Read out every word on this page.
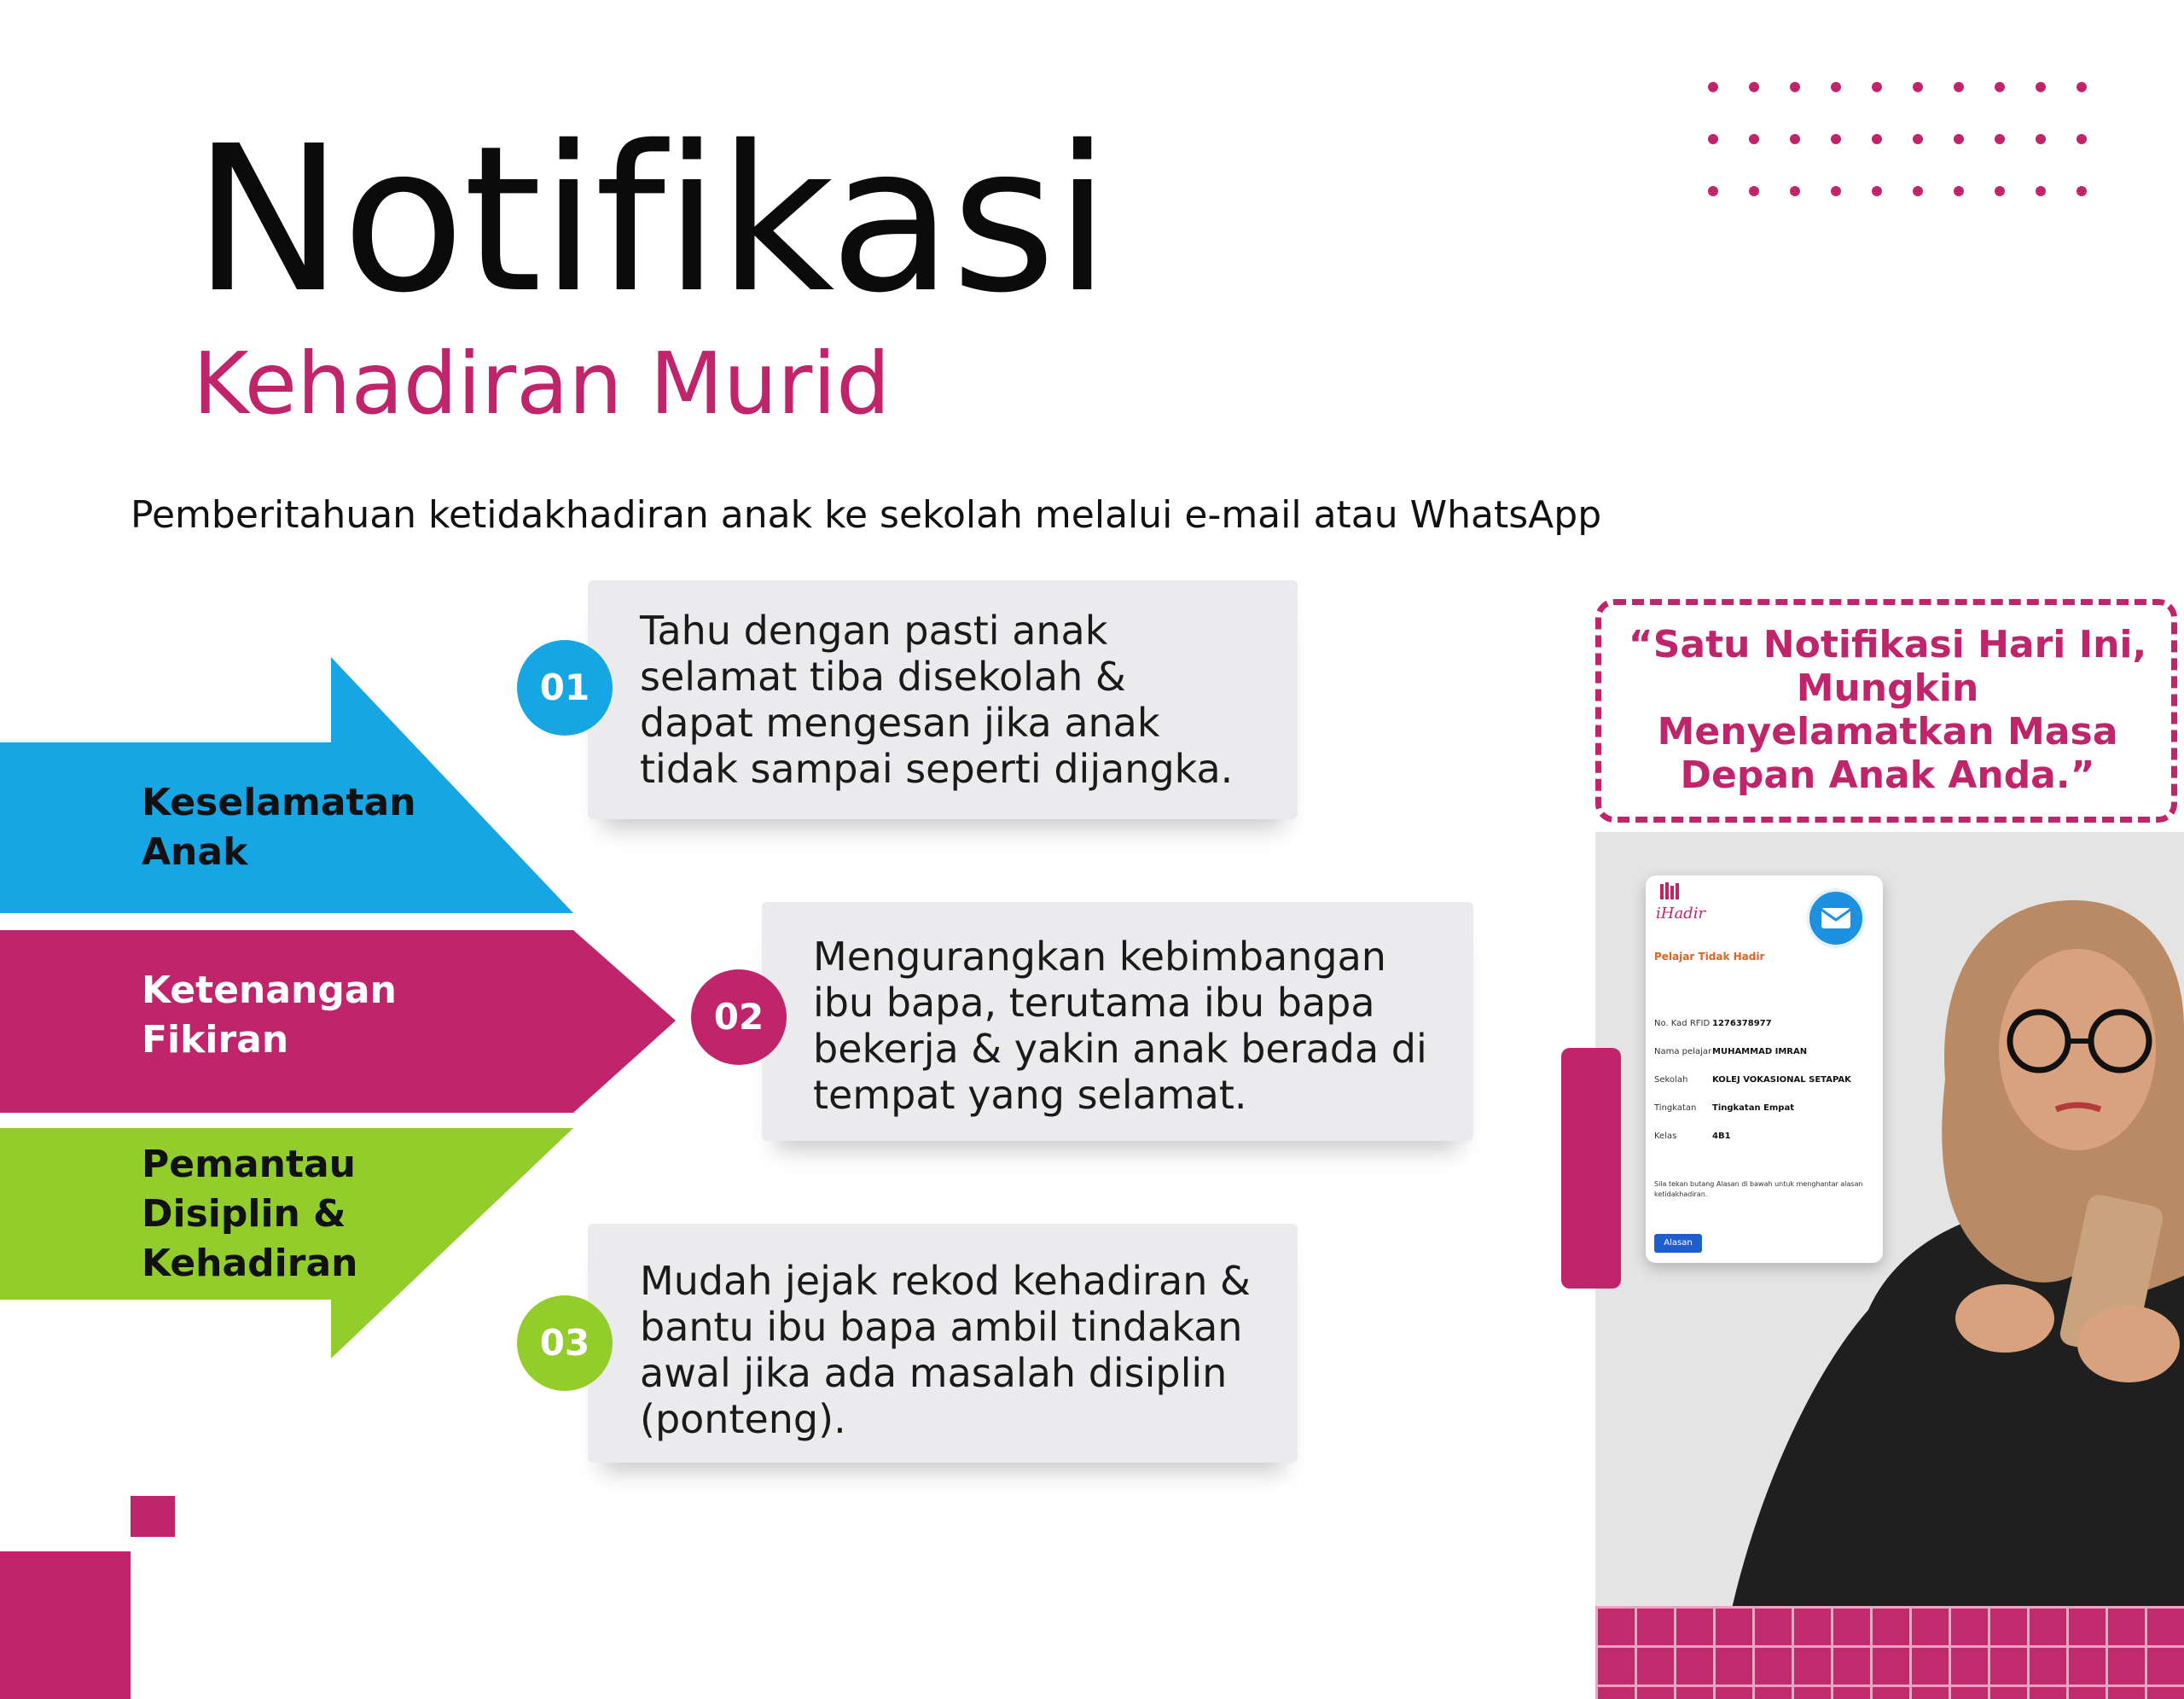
Notifikasi
Kehadiran Murid
Pemberitahuan ketidakhadiran anak ke sekolah melalui e-mail atau WhatsApp
Keselamatan
Anak
Ketenangan
Fikiran
Pemantau
Disiplin &
Kehadiran
01
Tahu dengan pasti anak
selamat tiba disekolah &
dapat mengesan jika anak
tidak sampai seperti dijangka.
02
Mengurangkan kebimbangan
ibu bapa, terutama ibu bapa
bekerja & yakin anak berada di
tempat yang selamat.
03
Mudah jejak rekod kehadiran &
bantu ibu bapa ambil tindakan
awal jika ada masalah disiplin
(ponteng).
“Satu Notifikasi Hari Ini,
Mungkin
Menyelamatkan Masa
Depan Anak Anda.”
iHadir
Pelajar Tidak Hadir
No. Kad RFID 1276378977
Nama pelajar MUHAMMAD IMRAN
Sekolah	KOLEJ VOKASIONAL SETAPAK
Tingkatan Tingkatan Empat
Kelas	4B1
Sila tekan butang Alasan di bawah untuk menghantar alasan
ketidakhadiran.
Alasan
